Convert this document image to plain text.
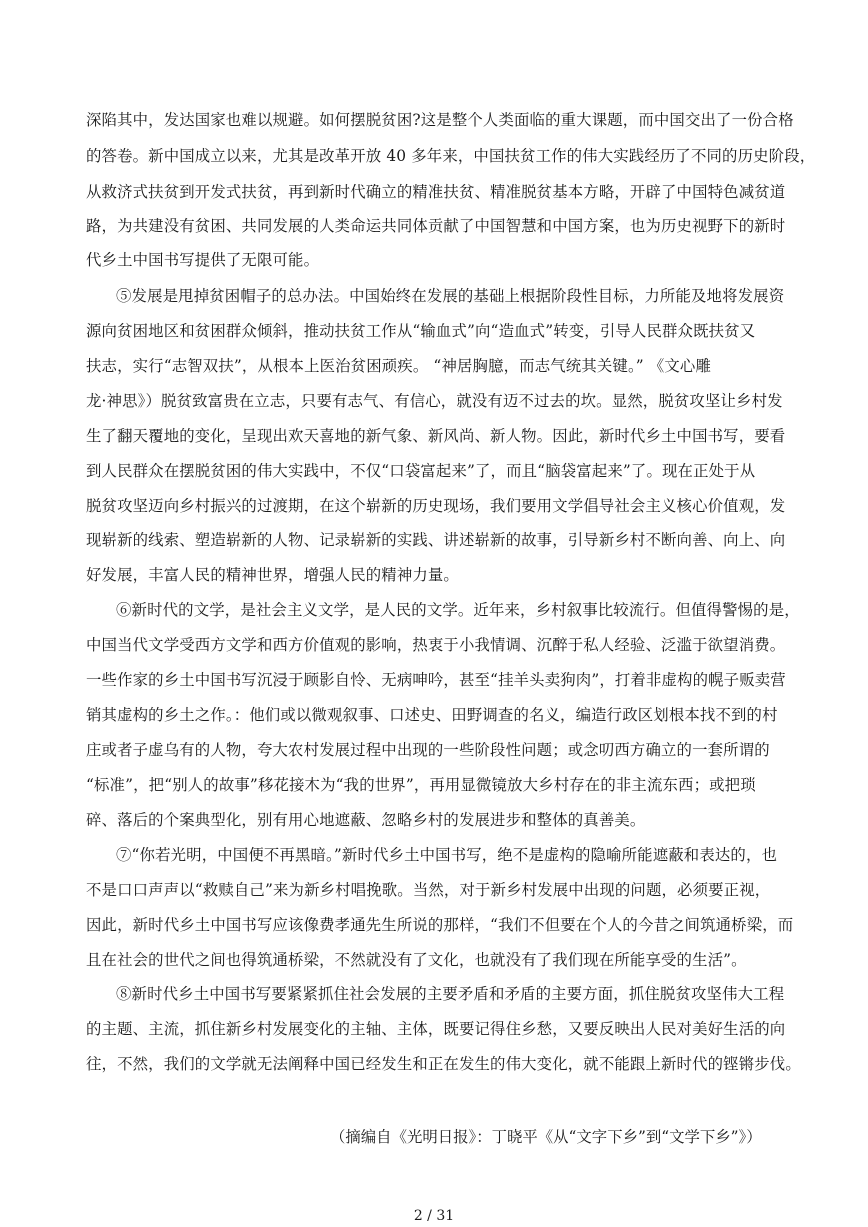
深陷其中，发达国家也难以规避。如何摆脱贫困?这是整个人类面临的重大课题，而中国交出了一份合格
的答卷。新中国成立以来，尤其是改革开放 40 多年来，中国扶贫工作的伟大实践经历了不同的历史阶段，
从救济式扶贫到开发式扶贫，再到新时代确立的精准扶贫、精准脱贫基本方略，开辟了中国特色减贫道
路，为共建没有贫困、共同发展的人类命运共同体贡献了中国智慧和中国方案，也为历史视野下的新时
代乡土中国书写提供了无限可能。
⑤发展是甩掉贫困帽子的总办法。中国始终在发展的基础上根据阶段性目标，力所能及地将发展资
源向贫困地区和贫困群众倾斜，推动扶贫工作从“输血式”向“造血式”转变，引导人民群众既扶贫又
扶志，实行“志智双扶”，从根本上医治贫困顽疾。 “神居胸臆，而志气统其关键。” 《文心雕
龙·神思》）脱贫致富贵在立志，只要有志气、有信心，就没有迈不过去的坎。显然，脱贫攻坚让乡村发
生了翻天覆地的变化，呈现出欢天喜地的新气象、新风尚、新人物。因此，新时代乡土中国书写，要看
到人民群众在摆脱贫困的伟大实践中，不仅“口袋富起来”了，而且“脑袋富起来”了。现在正处于从
脱贫攻坚迈向乡村振兴的过渡期，在这个崭新的历史现场，我们要用文学倡导社会主义核心价值观，发
现崭新的线索、塑造崭新的人物、记录崭新的实践、讲述崭新的故事，引导新乡村不断向善、向上、向
好发展，丰富人民的精神世界，增强人民的精神力量。
⑥新时代的文学，是社会主义文学，是人民的文学。近年来，乡村叙事比较流行。但值得警惕的是，
中国当代文学受西方文学和西方价值观的影响，热衷于小我情调、沉醉于私人经验、泛滥于欲望消费。
一些作家的乡土中国书写沉浸于顾影自怜、无病呻吟，甚至“挂羊头卖狗肉”，打着非虚构的幌子贩卖营
销其虚构的乡土之作。：他们或以微观叙事、口述史、田野调查的名义，编造行政区划根本找不到的村
庄或者子虚乌有的人物，夸大农村发展过程中出现的一些阶段性问题；或念叨西方确立的一套所谓的
“标准”，把“别人的故事”移花接木为“我的世界”，再用显微镜放大乡村存在的非主流东西；或把琐
碎、落后的个案典型化，别有用心地遮蔽、忽略乡村的发展进步和整体的真善美。
⑦“你若光明，中国便不再黑暗。”新时代乡土中国书写，绝不是虚构的隐喻所能遮蔽和表达的，也
不是口口声声以“救赎自己”来为新乡村唱挽歌。当然，对于新乡村发展中出现的问题，必须要正视，
因此，新时代乡土中国书写应该像费孝通先生所说的那样，“我们不但要在个人的今昔之间筑通桥梁，而
且在社会的世代之间也得筑通桥梁，不然就没有了文化，也就没有了我们现在所能享受的生活”。
⑧新时代乡土中国书写要紧紧抓住社会发展的主要矛盾和矛盾的主要方面，抓住脱贫攻坚伟大工程
的主题、主流，抓住新乡村发展变化的主轴、主体，既要记得住乡愁，又要反映出人民对美好生活的向
往，不然，我们的文学就无法阐释中国已经发生和正在发生的伟大变化，就不能跟上新时代的铿锵步伐。
（摘编自《光明日报》：丁晓平《从“文字下乡”到“文学下乡”》）
2 / 31
